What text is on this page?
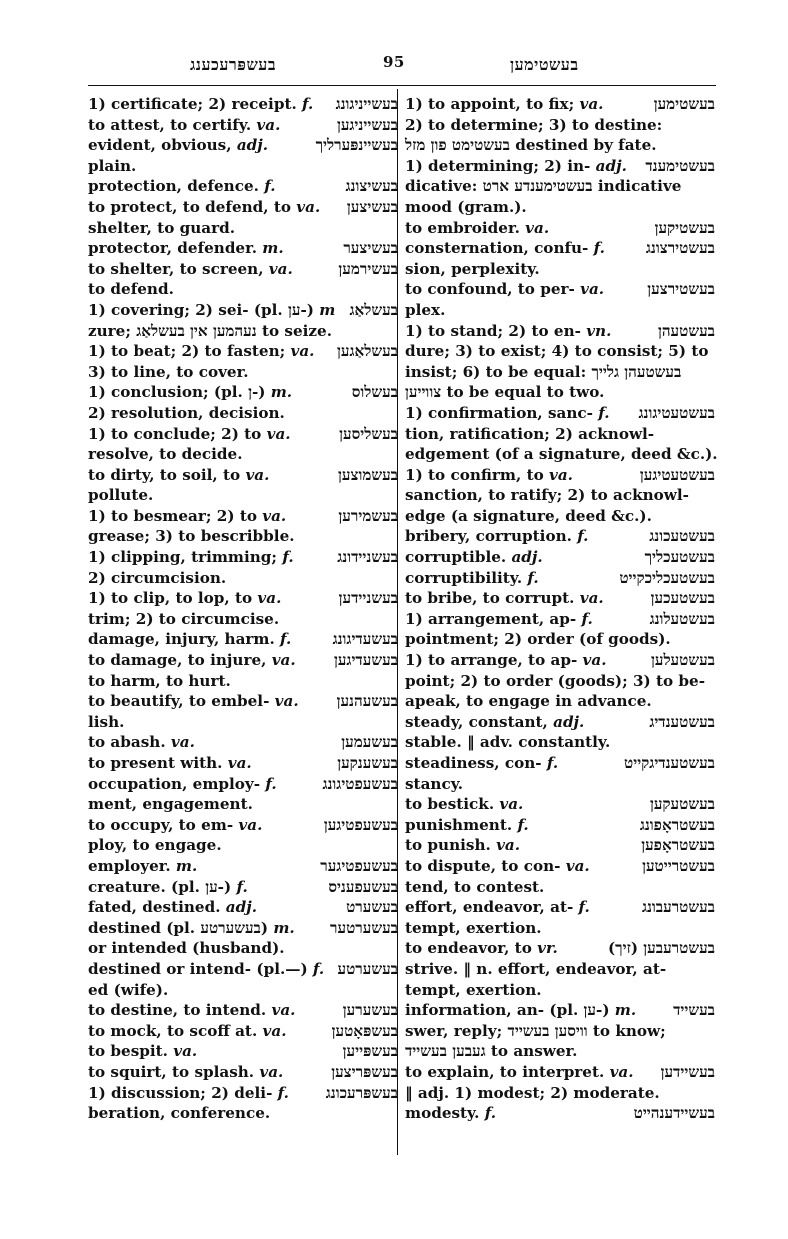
בעשפּרעכענג	95	בעשטימען
1) certificate; 2) receipt. f. בעשייניגונג
to attest, to certify. va.	בעשייניגען
evident, obvious, adj.	בעשיינפּערליך
plain.
protection, defence. f.	בעשיצונג
to protect, to defend, to va. בעשיצען
shelter, to guard.
protector, defender. m.	בעשיצער
to shelter, to screen, va.	בעשירמען
to defend.
1) covering; 2) sei- (pl. ען-) m בעשלאַג
zure; נעהמען אין בעשלאַג to seize.
1) to beat; 2) to fasten; va. בעשלאַגען
3) to line, to cover.
1) conclusion; (pl. ן-) m.	בעשלוס
2) resolution, decision.
1) to conclude; 2) to va.	בעשליסען
resolve, to decide.
to dirty, to soil, to va.	בעשמוצען
pollute.
1) to besmear; 2) to va.	בעשמירען
grease; 3) to bescribble.
1) clipping, trimming; f.	בעשניידונג
2) circumcision.
1) to clip, to lop, to va.	בעשניידען
trim; 2) to circumcise.
damage, injury, harm. f.	בעשעדיגונג
to damage, to injure, va.	בעשעדיגען
to harm, to hurt.
to beautify, to embel- va. בעשעהנען
lish.
to abash. va.	בעשעמען
to present with. va.	בעשענקען
occupation, employ- f.	בעשעפטיגונג
ment, engagement.
to occupy, to em- va.	בעשעפטיגען
ploy, to engage.
employer. m.	בעשעפטיגער
creature. (pl. ען-) f.	בעשעפעניס
fated, destined. adj.	בעשערט
destined (pl. בעשערטע) m. בעשערטער
or intended (husband).
destined or intend- (pl.—) f. בעשערטע
ed (wife).
to destine, to intend. va.	בעשערען
to mock, to scoff at. va.	בעשפּאָטען
to bespit. va.	בעשפּייען
to squirt, to splash. va.	בעשפּריצען
1) discussion; 2) deli- f. בעשפּרעכונג
beration, conference.
1) to appoint, to fix; va.	בעשטימען
2) to determine; 3) to destine:
בעשטימט פון מזל destined by fate.
1) determining; 2) in- adj. בעשטימענד
dicative: בעשטימענדע ארט indicative
mood (gram.).
to embroider. va.	בעשטיקען
consternation, confu- f.	בעשטירצונג
sion, perplexity.
to confound, to per- va.	בעשטירצען
plex.
1) to stand; 2) to en- vn.	בעשטעהן
dure; 3) to exist; 4) to consist; 5) to
insist; 6) to be equal: בעשטעהן גלייך
צווייען to be equal to two.
1) confirmation, sanc- f. בעשטעטיגונג
tion, ratification; 2) acknowl-
edgement (of a signature, deed &c.).
1) to confirm, to va.	בעשטעטיגען
sanction, to ratify; 2) to acknowl-
edge (a signature, deed &c.).
bribery, corruption. f.	בעשטעכונג
corruptible. adj.	בעשטעכליך
corruptibility. f.	בעשטעכליכקייט
to bribe, to corrupt. va.	בעשטעכען
1) arrangement, ap- f.	בעשטעלונג
pointment; 2) order (of goods).
1) to arrange, to ap- va.	בעשטעלען
point; 2) to order (goods); 3) to be-
apeak, to engage in advance.
steady, constant, adj.	בעשטענדיג
stable. ‖ adv. constantly.
steadiness, con- f.	בעשטענדיגקייט
stancy.
to bestick. va.	בעשטעקען
punishment. f.	בעשטראָפונג
to punish. va.	בעשטראָפען
to dispute, to con- va.	בעשטרייטען
tend, to contest.
effort, endeavor, at- f.	בעשטרעבונג
tempt, exertion.
to endeavor, to vr.	בעשטרעבען (זיך)
strive. ‖ n. effort, endeavor, at-
tempt, exertion.
information, an- (pl. ען-) m. בעשייד
swer, reply; וויסען בעשייד to know;
געבען בעשייד to answer.
to explain, to interpret. va. בעשיידען
‖ adj. 1) modest; 2) moderate.
modesty. f.	בעשיידענהייט
